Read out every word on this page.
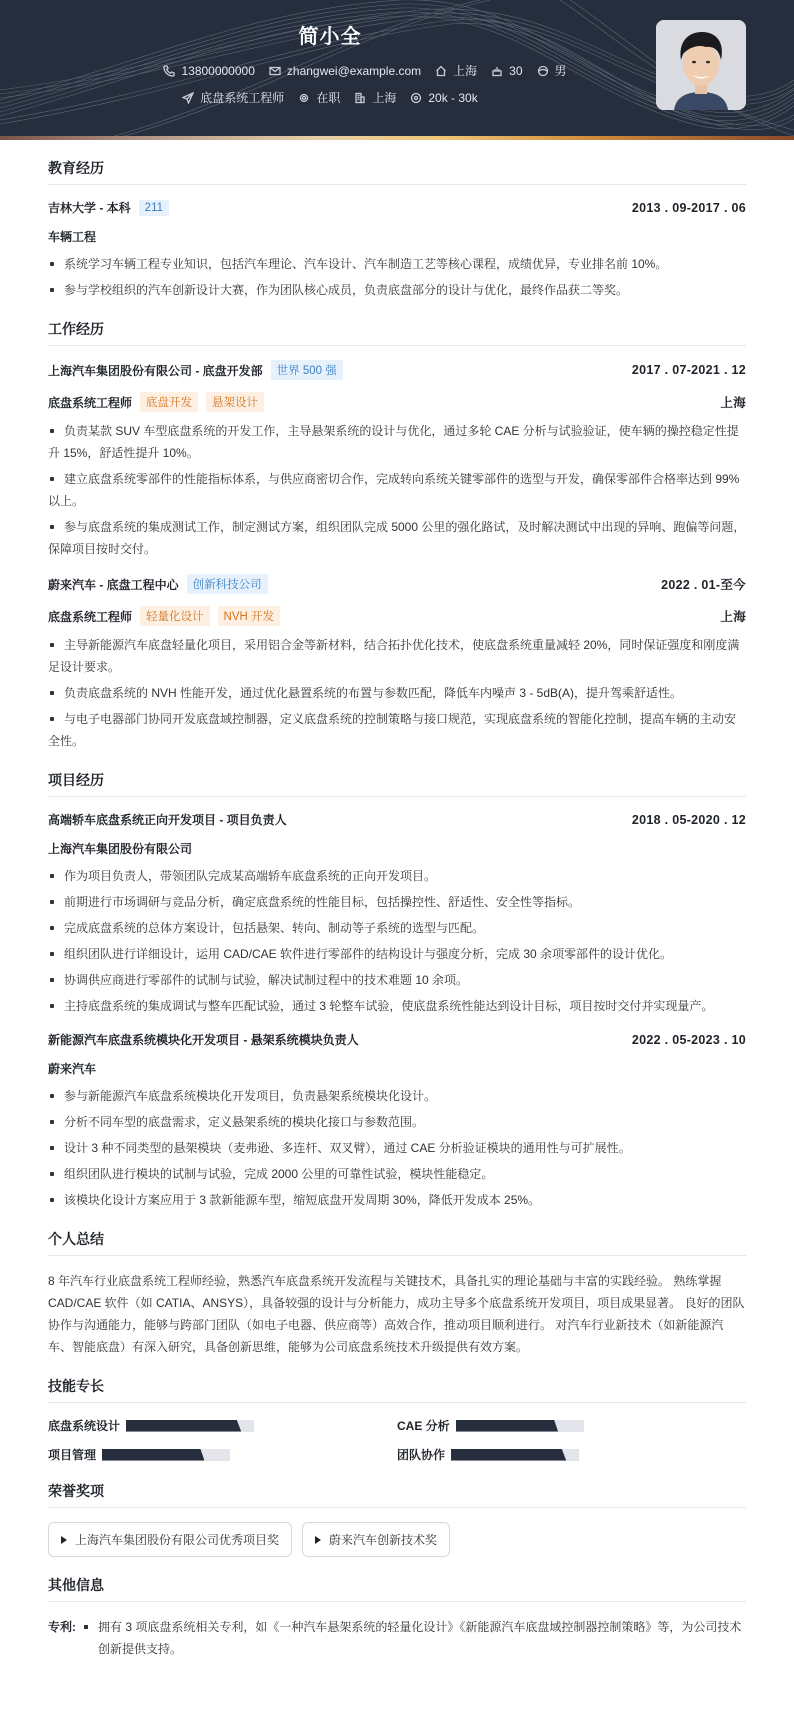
简小全
13800000000	zhangwei@example.com	上海	30	男
底盘系统工程师	在职	上海	20k - 30k
教育经历
吉林大学 - 本科	211	2013 . 09-2017 . 06
车辆工程
系统学习车辆工程专业知识，包括汽车理论、汽车设计、汽车制造工艺等核心课程，成绩优异，专业排名前 10%。
参与学校组织的汽车创新设计大赛，作为团队核心成员，负责底盘部分的设计与优化，最终作品获二等奖。
工作经历
上海汽车集团股份有限公司 - 底盘开发部	世界 500 强	2017 . 07-2021 . 12
底盘系统工程师	底盘开发	悬架设计	上海
负责某款 SUV 车型底盘系统的开发工作，主导悬架系统的设计与优化，通过多轮 CAE 分析与试验验证，使车辆的操控稳定性提升 15%，舒适性提升 10%。
建立底盘系统零部件的性能指标体系，与供应商密切合作，完成转向系统关键零部件的选型与开发，确保零部件合格率达到 99%以上。
参与底盘系统的集成测试工作，制定测试方案，组织团队完成 5000 公里的强化路试，及时解决测试中出现的异响、跑偏等问题，保障项目按时交付。
蔚来汽车 - 底盘工程中心	创新科技公司	2022 . 01-至今
底盘系统工程师	轻量化设计	NVH 开发	上海
主导新能源汽车底盘轻量化项目，采用铝合金等新材料，结合拓扑优化技术，使底盘系统重量减轻 20%，同时保证强度和刚度满足设计要求。
负责底盘系统的 NVH 性能开发，通过优化悬置系统的布置与参数匹配，降低车内噪声 3 - 5dB(A)，提升驾乘舒适性。
与电子电器部门协同开发底盘域控制器，定义底盘系统的控制策略与接口规范，实现底盘系统的智能化控制，提高车辆的主动安全性。
项目经历
高端轿车底盘系统正向开发项目 - 项目负责人	2018 . 05-2020 . 12
上海汽车集团股份有限公司
作为项目负责人，带领团队完成某高端轿车底盘系统的正向开发项目。
前期进行市场调研与竞品分析，确定底盘系统的性能目标，包括操控性、舒适性、安全性等指标。
完成底盘系统的总体方案设计，包括悬架、转向、制动等子系统的选型与匹配。
组织团队进行详细设计，运用 CAD/CAE 软件进行零部件的结构设计与强度分析，完成 30 余项零部件的设计优化。
协调供应商进行零部件的试制与试验，解决试制过程中的技术难题 10 余项。
主持底盘系统的集成调试与整车匹配试验，通过 3 轮整车试验，使底盘系统性能达到设计目标，项目按时交付并实现量产。
新能源汽车底盘系统模块化开发项目 - 悬架系统模块负责人	2022 . 05-2023 . 10
蔚来汽车
参与新能源汽车底盘系统模块化开发项目，负责悬架系统模块化设计。
分析不同车型的底盘需求，定义悬架系统的模块化接口与参数范围。
设计 3 种不同类型的悬架模块（麦弗逊、多连杆、双叉臂），通过 CAE 分析验证模块的通用性与可扩展性。
组织团队进行模块的试制与试验，完成 2000 公里的可靠性试验，模块性能稳定。
该模块化设计方案应用于 3 款新能源车型，缩短底盘开发周期 30%，降低开发成本 25%。
个人总结
8 年汽车行业底盘系统工程师经验，熟悉汽车底盘系统开发流程与关键技术，具备扎实的理论基础与丰富的实践经验。 熟练掌握 CAD/CAE 软件（如 CATIA、ANSYS），具备较强的设计与分析能力，成功主导多个底盘系统开发项目，项目成果显著。 良好的团队协作与沟通能力，能够与跨部门团队（如电子电器、供应商等）高效合作，推动项目顺利进行。 对汽车行业新技术（如新能源汽车、智能底盘）有深入研究，具备创新思维，能够为公司底盘系统技术升级提供有效方案。
技能专长
底盘系统设计	CAE 分析
项目管理	团队协作
荣誉奖项
上海汽车集团股份有限公司优秀项目奖	蔚来汽车创新技术奖
其他信息
专利:	拥有 3 项底盘系统相关专利，如《一种汽车悬架系统的轻量化设计》《新能源汽车底盘域控制器控制策略》等，为公司技术创新提供支持。
